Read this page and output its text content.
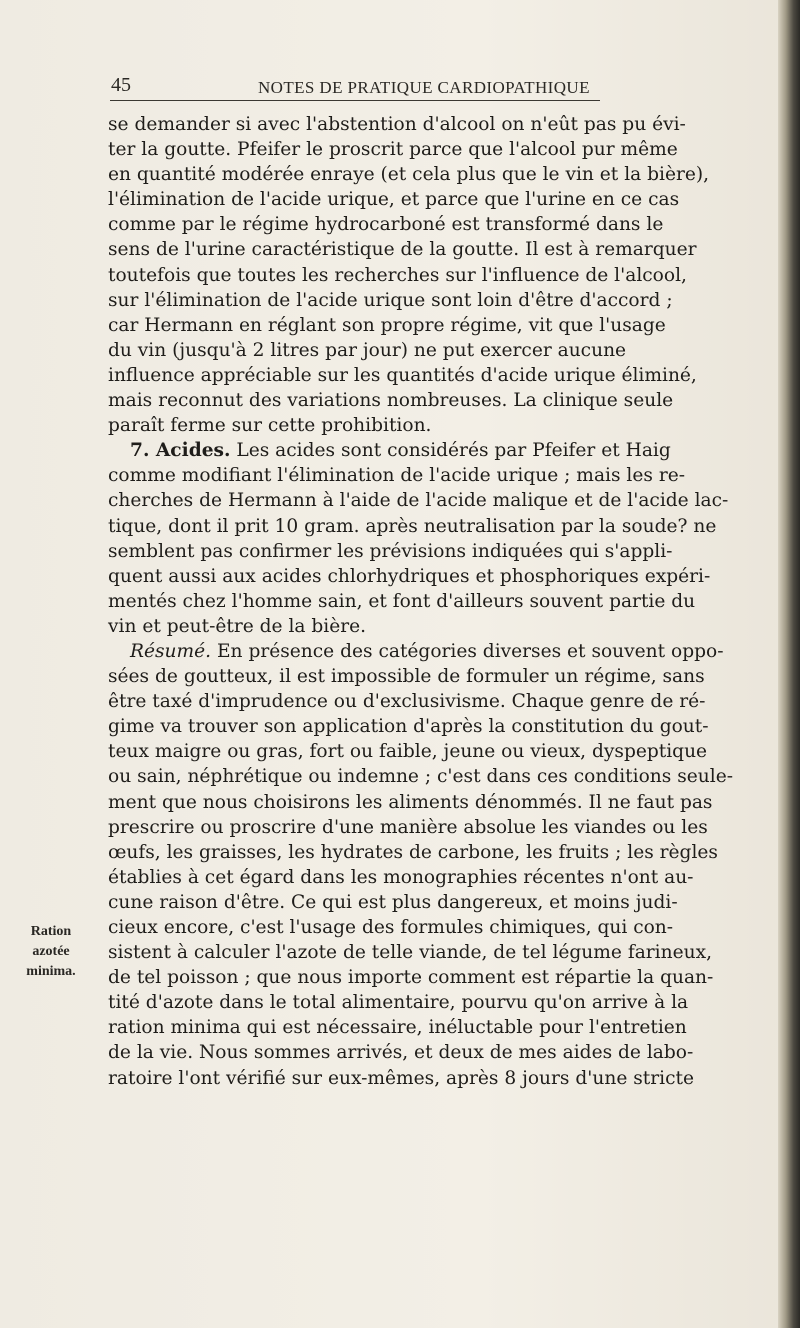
45	NOTES DE PRATIQUE CARDIOPATHIQUE
Ration
azotée
minima.
se demander si avec l'abstention d'alcool on n'eût pas pu évi-
ter la goutte. Pfeifer le proscrit parce que l'alcool pur même
en quantité modérée enraye (et cela plus que le vin et la bière),
l'élimination de l'acide urique, et parce que l'urine en ce cas
comme par le régime hydrocarboné est transformé dans le
sens de l'urine caractéristique de la goutte. Il est à remarquer
toutefois que toutes les recherches sur l'influence de l'alcool,
sur l'élimination de l'acide urique sont loin d'être d'accord ;
car Hermann en réglant son propre régime, vit que l'usage
du vin (jusqu'à 2 litres par jour) ne put exercer aucune
influence appréciable sur les quantités d'acide urique éliminé,
mais reconnut des variations nombreuses. La clinique seule
paraît ferme sur cette prohibition.
7. Acides. Les acides sont considérés par Pfeifer et Haig
comme modifiant l'élimination de l'acide urique ; mais les re-
cherches de Hermann à l'aide de l'acide malique et de l'acide lac-
tique, dont il prit 10 gram. après neutralisation par la soude? ne
semblent pas confirmer les prévisions indiquées qui s'appli-
quent aussi aux acides chlorhydriques et phosphoriques expéri-
mentés chez l'homme sain, et font d'ailleurs souvent partie du
vin et peut-être de la bière.
Résumé. En présence des catégories diverses et souvent oppo-
sées de goutteux, il est impossible de formuler un régime, sans
être taxé d'imprudence ou d'exclusivisme. Chaque genre de ré-
gime va trouver son application d'après la constitution du gout-
teux maigre ou gras, fort ou faible, jeune ou vieux, dyspeptique
ou sain, néphrétique ou indemne ; c'est dans ces conditions seule-
ment que nous choisirons les aliments dénommés. Il ne faut pas
prescrire ou proscrire d'une manière absolue les viandes ou les
œufs, les graisses, les hydrates de carbone, les fruits ; les règles
établies à cet égard dans les monographies récentes n'ont au-
cune raison d'être. Ce qui est plus dangereux, et moins judi-
cieux encore, c'est l'usage des formules chimiques, qui con-
sistent à calculer l'azote de telle viande, de tel légume farineux,
de tel poisson ; que nous importe comment est répartie la quan-
tité d'azote dans le total alimentaire, pourvu qu'on arrive à la
ration minima qui est nécessaire, inéluctable pour l'entretien
de la vie. Nous sommes arrivés, et deux de mes aides de labo-
ratoire l'ont vérifié sur eux-mêmes, après 8 jours d'une stricte
